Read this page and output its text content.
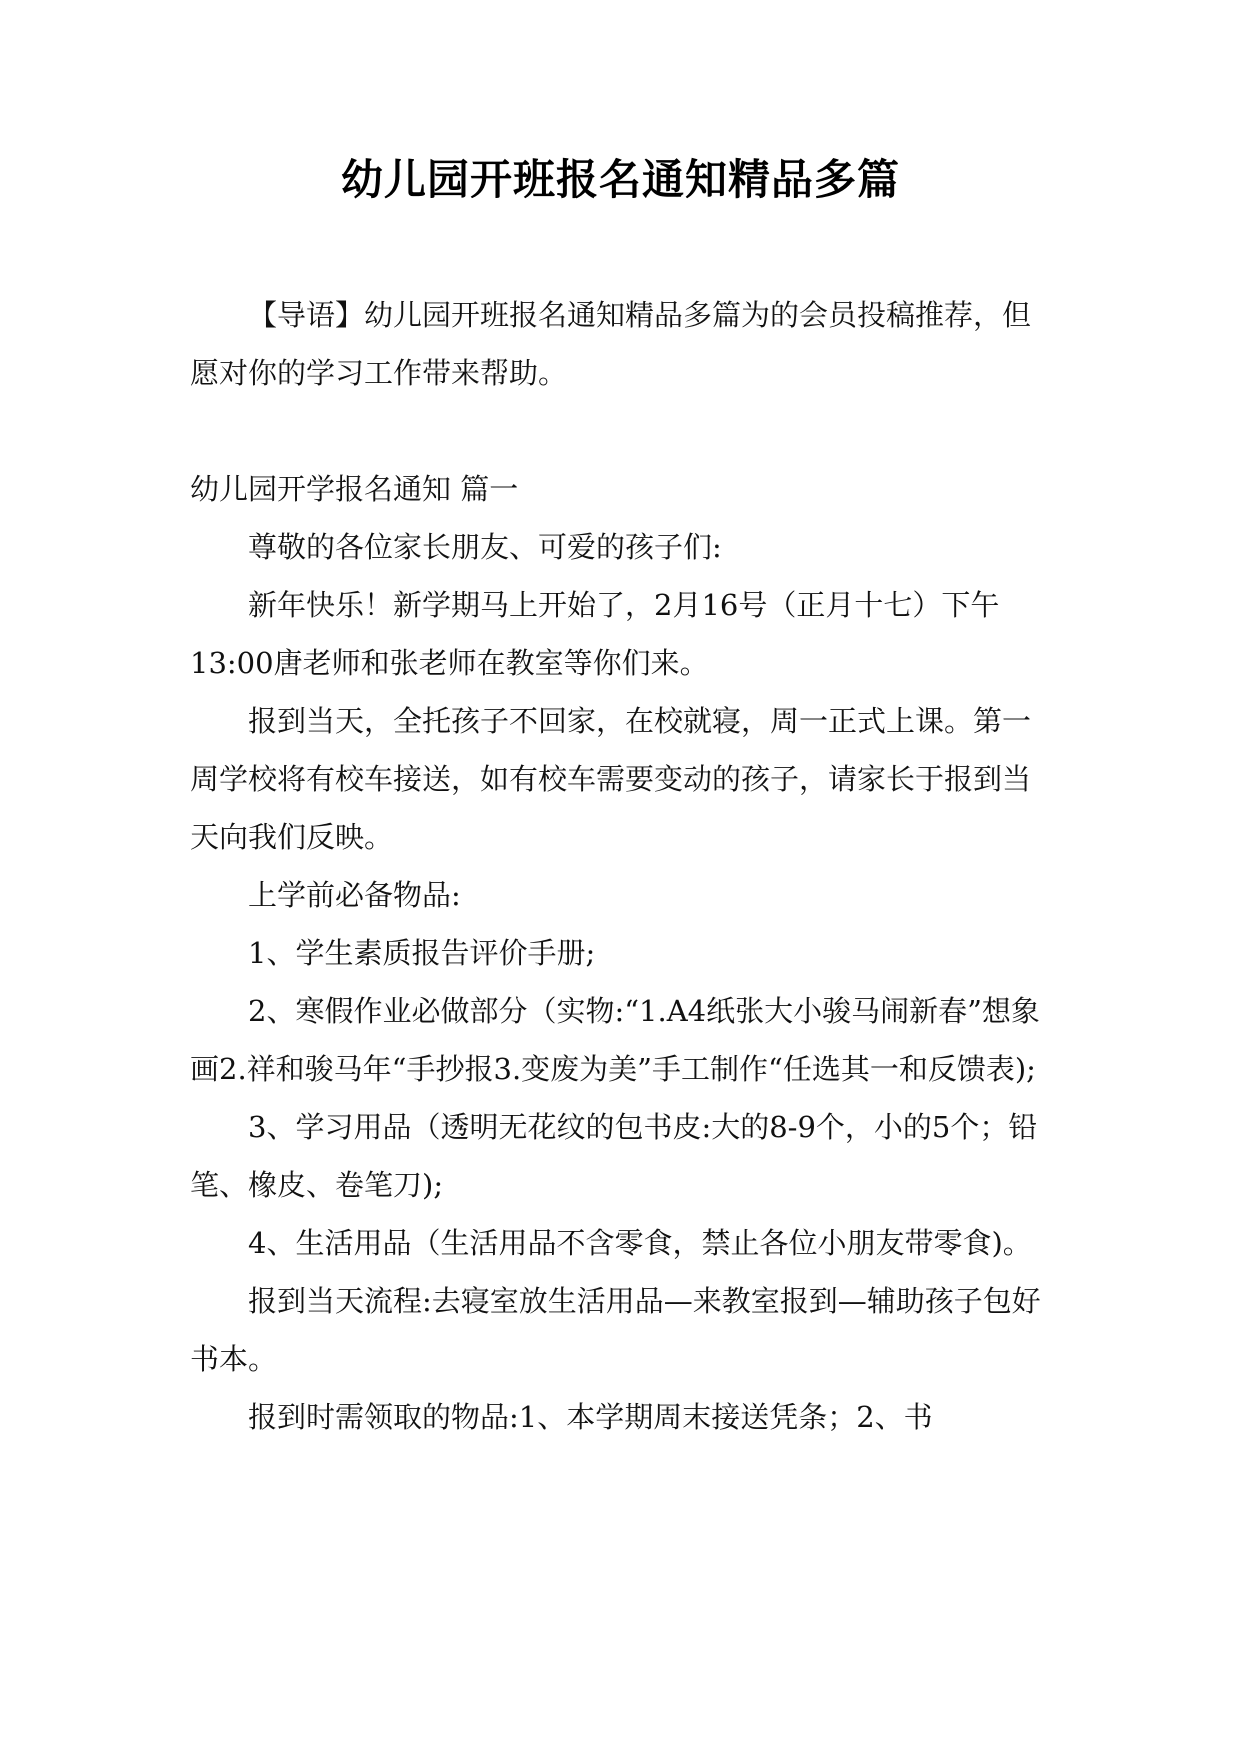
幼儿园开班报名通知精品多篇

【导语】幼儿园开班报名通知精品多篇为的会员投稿推荐，但愿对你的学习工作带来帮助。

幼儿园开学报名通知 篇一

尊敬的各位家长朋友、可爱的孩子们:

新年快乐！新学期马上开始了，2月16号（正月十七）下午13:00唐老师和张老师在教室等你们来。

报到当天，全托孩子不回家，在校就寝，周一正式上课。第一周学校将有校车接送，如有校车需要变动的孩子，请家长于报到当天向我们反映。

上学前必备物品:

1、学生素质报告评价手册;

2、寒假作业必做部分（实物:“1.A4纸张大小骏马闹新春”想象画2.祥和骏马年“手抄报3.变废为美”手工制作“任选其一和反馈表);

3、学习用品（透明无花纹的包书皮:大的8-9个，小的5个；铅笔、橡皮、卷笔刀);

4、生活用品（生活用品不含零食，禁止各位小朋友带零食)。

报到当天流程:去寝室放生活用品—来教室报到—辅助孩子包好书本。

报到时需领取的物品:1、本学期周末接送凭条；2、书
